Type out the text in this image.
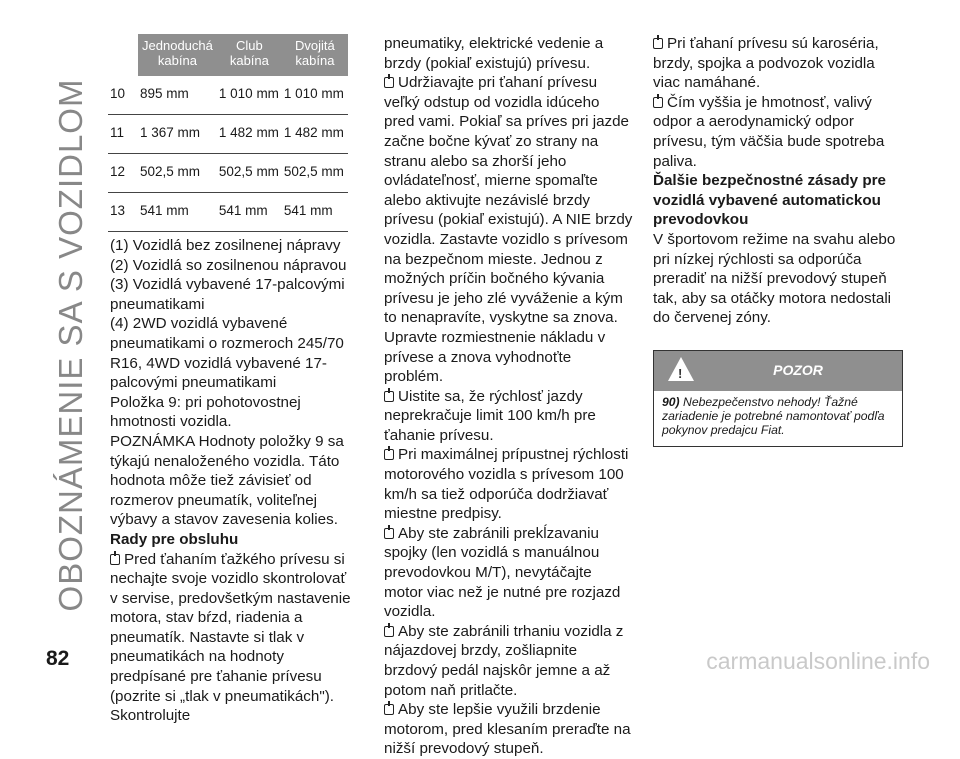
OBOZNÁMENIE SA S VOZIDLOM
	Jednoduchá kabína	Club kabína	Dvojitá kabína
10	895 mm	1 010 mm	1 010 mm
11	1 367 mm	1 482 mm	1 482 mm
12	502,5 mm	502,5 mm	502,5 mm
13	541 mm	541 mm	541 mm

(1) Vozidlá bez zosilnenej nápravy

(2) Vozidlá so zosilnenou nápravou

(3) Vozidlá vybavené 17-palcovými pneumatikami

(4) 2WD vozidlá vybavené pneumatikami o rozmeroch 245/70 R16, 4WD vozidlá vybavené 17-palcovými pneumatikami

Položka 9: pri pohotovostnej hmotnosti vozidla.

POZNÁMKA Hodnoty položky 9 sa týkajú nenaloženého vozidla. Táto hodnota môže tiež závisieť od rozmerov pneumatík, voliteľnej výbavy a stavov zavesenia kolies.

Rady pre obsluhu

Pred ťahaním ťažkého prívesu si nechajte svoje vozidlo skontrolovať v servise, predovšetkým nastavenie motora, stav bŕzd, riadenia a pneumatík. Nastavte si tlak v pneumatikách na hodnoty predpísané pre ťahanie prívesu (pozrite si „tlak v pneumatikách"). Skontrolujte

pneumatiky, elektrické vedenie a brzdy (pokiaľ existujú) prívesu.

Udržiavajte pri ťahaní prívesu veľký odstup od vozidla idúceho pred vami. Pokiaľ sa príves pri jazde začne bočne kývať zo strany na stranu alebo sa zhorší jeho ovládateľnosť, mierne spomaľte alebo aktivujte nezávislé brzdy prívesu (pokiaľ existujú). A NIE brzdy vozidla. Zastavte vozidlo s prívesom na bezpečnom mieste. Jednou z možných príčin bočného kývania prívesu je jeho zlé vyváženie a kým to nenapravíte, vyskytne sa znova. Upravte rozmiestnenie nákladu v prívese a znova vyhodnoťte problém.

Uistite sa, že rýchlosť jazdy neprekračuje limit 100 km/h pre ťahanie prívesu.

Pri maximálnej prípustnej rýchlosti motorového vozidla s prívesom 100 km/h sa tiež odporúča dodržiavať miestne predpisy.

Aby ste zabránili prekĺzavaniu spojky (len vozidlá s manuálnou prevodovkou M/T), nevytáčajte motor viac než je nutné pre rozjazd vozidla.

Aby ste zabránili trhaniu vozidla z nájazdovej brzdy, zošliapnite brzdový pedál najskôr jemne a až potom naň pritlačte.

Aby ste lepšie využili brzdenie motorom, pred klesaním preraďte na nižší prevodový stupeň.

Pri ťahaní prívesu sú karoséria, brzdy, spojka a podvozok vozidla viac namáhané.

Čím vyššia je hmotnosť, valivý odpor a aerodynamický odpor prívesu, tým väčšia bude spotreba paliva.

Ďalšie bezpečnostné zásady pre vozidlá vybavené automatickou prevodovkou

V športovom režime na svahu alebo pri nízkej rýchlosti sa odporúča preradiť na nižší prevodový stupeň tak, aby sa otáčky motora nedostali do červenej zóny.

!
POZOR
90) Nebezpečenstvo nehody! Ťažné zariadenie je potrebné namontovať podľa pokynov predajcu Fiat.
82	carmanualsonline.info
